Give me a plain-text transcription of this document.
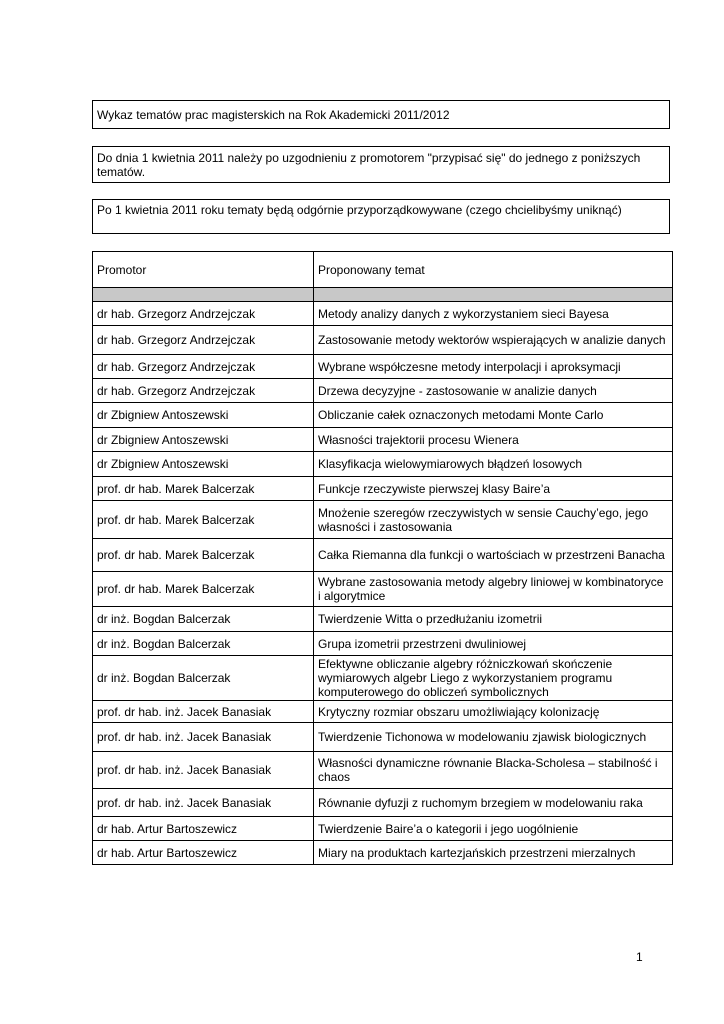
Wykaz tematów prac magisterskich na Rok Akademicki 2011/2012
Do dnia 1 kwietnia 2011 należy po uzgodnieniu z promotorem "przypisać się" do jednego z poniższych tematów.
Po 1 kwietnia 2011 roku tematy będą odgórnie przyporządkowywane (czego chcielibyśmy uniknąć)
Promotor	Proponowany temat

dr hab. Grzegorz Andrzejczak	Metody analizy danych z wykorzystaniem sieci Bayesa
dr hab. Grzegorz Andrzejczak	Zastosowanie metody wektorów wspierających w analizie danych
dr hab. Grzegorz Andrzejczak	Wybrane współczesne metody interpolacji i aproksymacji
dr hab. Grzegorz Andrzejczak	Drzewa decyzyjne - zastosowanie w analizie danych
dr Zbigniew Antoszewski	Obliczanie całek oznaczonych metodami Monte Carlo
dr Zbigniew Antoszewski	Własności trajektorii procesu Wienera
dr Zbigniew Antoszewski	Klasyfikacja wielowymiarowych błądzeń losowych
prof. dr hab. Marek Balcerzak	Funkcje rzeczywiste pierwszej klasy Baire’a
prof. dr hab. Marek Balcerzak	Mnożenie szeregów rzeczywistych w sensie Cauchy’ego, jego własności i zastosowania
prof. dr hab. Marek Balcerzak	Całka Riemanna dla funkcji o wartościach w przestrzeni Banacha
prof. dr hab. Marek Balcerzak	Wybrane zastosowania metody algebry liniowej w kombinatoryce i algorytmice
dr inż. Bogdan Balcerzak	Twierdzenie Witta o przedłużaniu izometrii
dr inż. Bogdan Balcerzak	Grupa izometrii przestrzeni dwuliniowej
dr inż. Bogdan Balcerzak	Efektywne obliczanie algebry różniczkowań skończenie wymiarowych algebr Liego z wykorzystaniem programu komputerowego do obliczeń symbolicznych
prof. dr hab. inż. Jacek Banasiak	Krytyczny rozmiar obszaru umożliwiający kolonizację
prof. dr hab. inż. Jacek Banasiak	Twierdzenie Tichonowa w modelowaniu zjawisk biologicznych
prof. dr hab. inż. Jacek Banasiak	Własności dynamiczne równanie Blacka-Scholesa – stabilność i chaos
prof. dr hab. inż. Jacek Banasiak	Równanie dyfuzji z ruchomym brzegiem w modelowaniu raka
dr hab. Artur Bartoszewicz	Twierdzenie Baire’a o kategorii i jego uogólnienie
dr hab. Artur Bartoszewicz	Miary na produktach kartezjańskich przestrzeni mierzalnych
1
